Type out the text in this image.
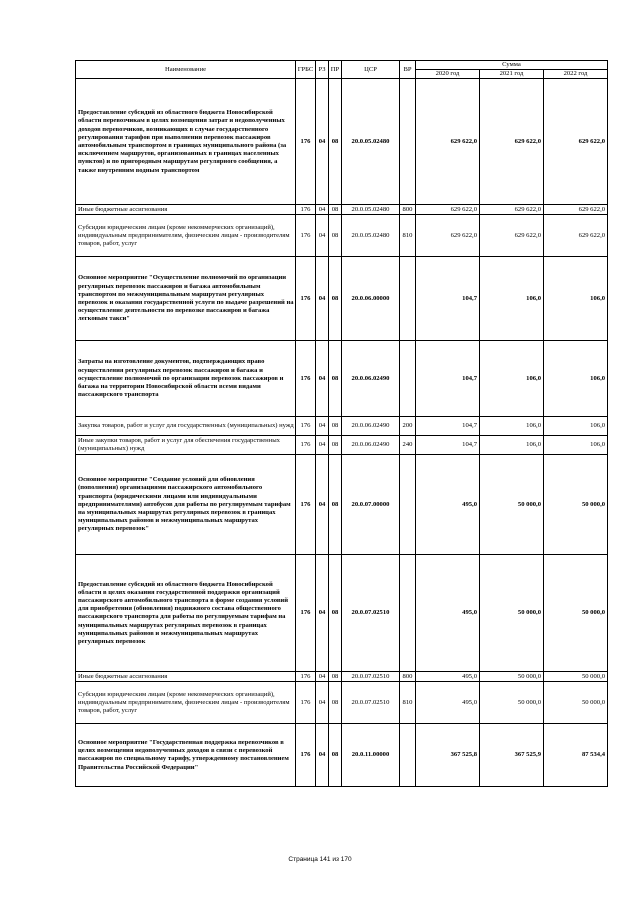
Наименование	ГРБС	РЗ	ПР	ЦСР	ВР	Сумма		
						2020 год	2021 год	2022 год
Предоставление субсидий из областного бюджета Новосибирской области перевозчикам в целях возмещения затрат и недополученных доходов перевозчиков, возникающих в случае государственного регулирования тарифов при выполнении перевозок пассажиров автомобильным транспортом в границах муниципального района (за исключением маршрутов, организованных в границах населенных пунктов) и по пригородным маршрутам регулярного сообщения, а также внутренним водным транспортом	176	04	08	20.0.05.02480		629 622,0	629 622,0	629 622,0
Иные бюджетные ассигнования	176	04	08	20.0.05.02480	800	629 622,0	629 622,0	629 622,0
Субсидии юридическим лицам (кроме некоммерческих организаций), индивидуальным предпринимателям, физическим лицам - производителям товаров, работ, услуг	176	04	08	20.0.05.02480	810	629 622,0	629 622,0	629 622,0
Основное мероприятие "Осуществление полномочий по организации регулярных перевозок пассажиров и багажа автомобильным транспортом по межмуниципальным маршрутам регулярных перевозок и оказания государственной услуги по выдаче разрешений на осуществление деятельности по перевозке пассажиров и багажа легковым такси"	176	04	08	20.0.06.00000		104,7	106,0	106,0
Затраты на изготовление документов, подтверждающих право осуществления регулярных перевозок пассажиров и багажа и осуществление полномочий по организации перевозок пассажиров и багажа на территории Новосибирской области всеми видами пассажирского транспорта	176	04	08	20.0.06.02490		104,7	106,0	106,0
Закупка товаров, работ и услуг для государственных (муниципальных) нужд	176	04	08	20.0.06.02490	200	104,7	106,0	106,0
Иные закупки товаров, работ и услуг для обеспечения государственных (муниципальных) нужд	176	04	08	20.0.06.02490	240	104,7	106,0	106,0
Основное мероприятие "Создание условий для обновления (пополнения) организациями пассажирского автомобильного транспорта (юридическими лицами или индивидуальными предпринимателями) автобусов для работы по регулируемым тарифам на муниципальных маршрутах регулярных перевозок в границах муниципальных районов и межмуниципальных маршрутах регулярных перевозок"	176	04	08	20.0.07.00000		495,0	50 000,0	50 000,0
Предоставление субсидий из областного бюджета Новосибирской области в целях оказания государственной поддержки организаций пассажирского автомобильного транспорта в форме создания условий для приобретения (обновления) подвижного состава общественного пассажирского транспорта для работы по регулируемым тарифам на муниципальных маршрутах регулярных перевозок в границах муниципальных районов и межмуниципальных маршрутах регулярных перевозок	176	04	08	20.0.07.02510		495,0	50 000,0	50 000,0
Иные бюджетные ассигнования	176	04	08	20.0.07.02510	800	495,0	50 000,0	50 000,0
Субсидии юридическим лицам (кроме некоммерческих организаций), индивидуальным предпринимателям, физическим лицам - производителям товаров, работ, услуг	176	04	08	20.0.07.02510	810	495,0	50 000,0	50 000,0
Основное мероприятие "Государственная поддержка перевозчиков в целях возмещения недополученных доходов в связи с перевозкой пассажиров по специальному тарифу, утвержденному постановлением Правительства Российской Федерации"	176	04	08	20.0.11.00000		367 525,8	367 525,9	87 534,4
Страница 141 из 170
